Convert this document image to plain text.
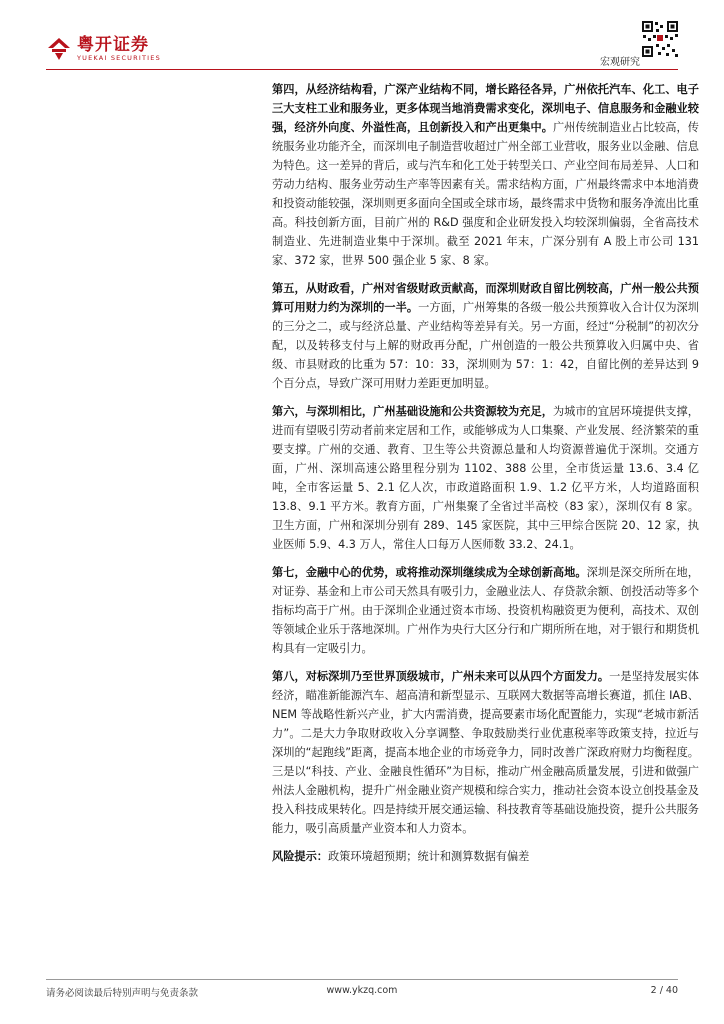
粤开证券
YUEKAI SECURITIES	宏观研究

第四，从经济结构看，广深产业结构不同，增长路径各异，广州依托汽车、化工、电子三大支柱工业和服务业，更多体现当地消费需求变化，深圳电子、信息服务和金融业较强，经济外向度、外溢性高，且创新投入和产出更集中。广州传统制造业占比较高，传统服务业功能齐全，而深圳电子制造营收超过广州全部工业营收，服务业以金融、信息为特色。这一差异的背后，或与汽车和化工处于转型关口、产业空间布局差异、人口和劳动力结构、服务业劳动生产率等因素有关。需求结构方面，广州最终需求中本地消费和投资动能较强，深圳则更多面向全国或全球市场，最终需求中货物和服务净流出比重高。科技创新方面，目前广州的 R&D 强度和企业研发投入均较深圳偏弱，全省高技术制造业、先进制造业集中于深圳。截至 2021 年末，广深分别有 A 股上市公司 131 家、372 家，世界 500 强企业 5 家、8 家。

第五，从财政看，广州对省级财政贡献高，而深圳财政自留比例较高，广州一般公共预算可用财力约为深圳的一半。一方面，广州筹集的各级一般公共预算收入合计仅为深圳的三分之二，或与经济总量、产业结构等差异有关。另一方面，经过“分税制”的初次分配，以及转移支付与上解的财政再分配，广州创造的一般公共预算收入归属中央、省级、市县财政的比重为 57：10：33，深圳则为 57：1：42，自留比例的差异达到 9 个百分点，导致广深可用财力差距更加明显。

第六，与深圳相比，广州基础设施和公共资源较为充足，为城市的宜居环境提供支撑，进而有望吸引劳动者前来定居和工作，或能够成为人口集聚、产业发展、经济繁荣的重要支撑。广州的交通、教育、卫生等公共资源总量和人均资源普遍优于深圳。交通方面，广州、深圳高速公路里程分别为 1102、388 公里，全市货运量 13.6、3.4 亿吨，全市客运量 5、2.1 亿人次，市政道路面积 1.9、1.2 亿平方米，人均道路面积 13.8、9.1 平方米。教育方面，广州集聚了全省过半高校（83 家），深圳仅有 8 家。卫生方面，广州和深圳分别有 289、145 家医院，其中三甲综合医院 20、12 家，执业医师 5.9、4.3 万人，常住人口每万人医师数 33.2、24.1。

第七，金融中心的优势，或将推动深圳继续成为全球创新高地。深圳是深交所所在地，对证券、基金和上市公司天然具有吸引力，金融业法人、存贷款余额、创投活动等多个指标均高于广州。由于深圳企业通过资本市场、投资机构融资更为便利，高技术、双创等领域企业乐于落地深圳。广州作为央行大区分行和广期所所在地，对于银行和期货机构具有一定吸引力。

第八，对标深圳乃至世界顶级城市，广州未来可以从四个方面发力。一是坚持发展实体经济，瞄准新能源汽车、超高清和新型显示、互联网大数据等高增长赛道，抓住 IAB、NEM 等战略性新兴产业，扩大内需消费，提高要素市场化配置能力，实现“老城市新活力”。二是大力争取财政收入分享调整、争取鼓励类行业优惠税率等政策支持，拉近与深圳的“起跑线”距离，提高本地企业的市场竞争力，同时改善广深政府财力均衡程度。三是以“科技、产业、金融良性循环”为目标，推动广州金融高质量发展，引进和做强广州法人金融机构，提升广州金融业资产规模和综合实力，推动社会资本设立创投基金及投入科技成果转化。四是持续开展交通运输、科技教育等基础设施投资，提升公共服务能力，吸引高质量产业资本和人力资本。

风险提示：政策环境超预期；统计和测算数据有偏差
请务必阅读最后特别声明与免责条款	www.ykzq.com	2 / 40
